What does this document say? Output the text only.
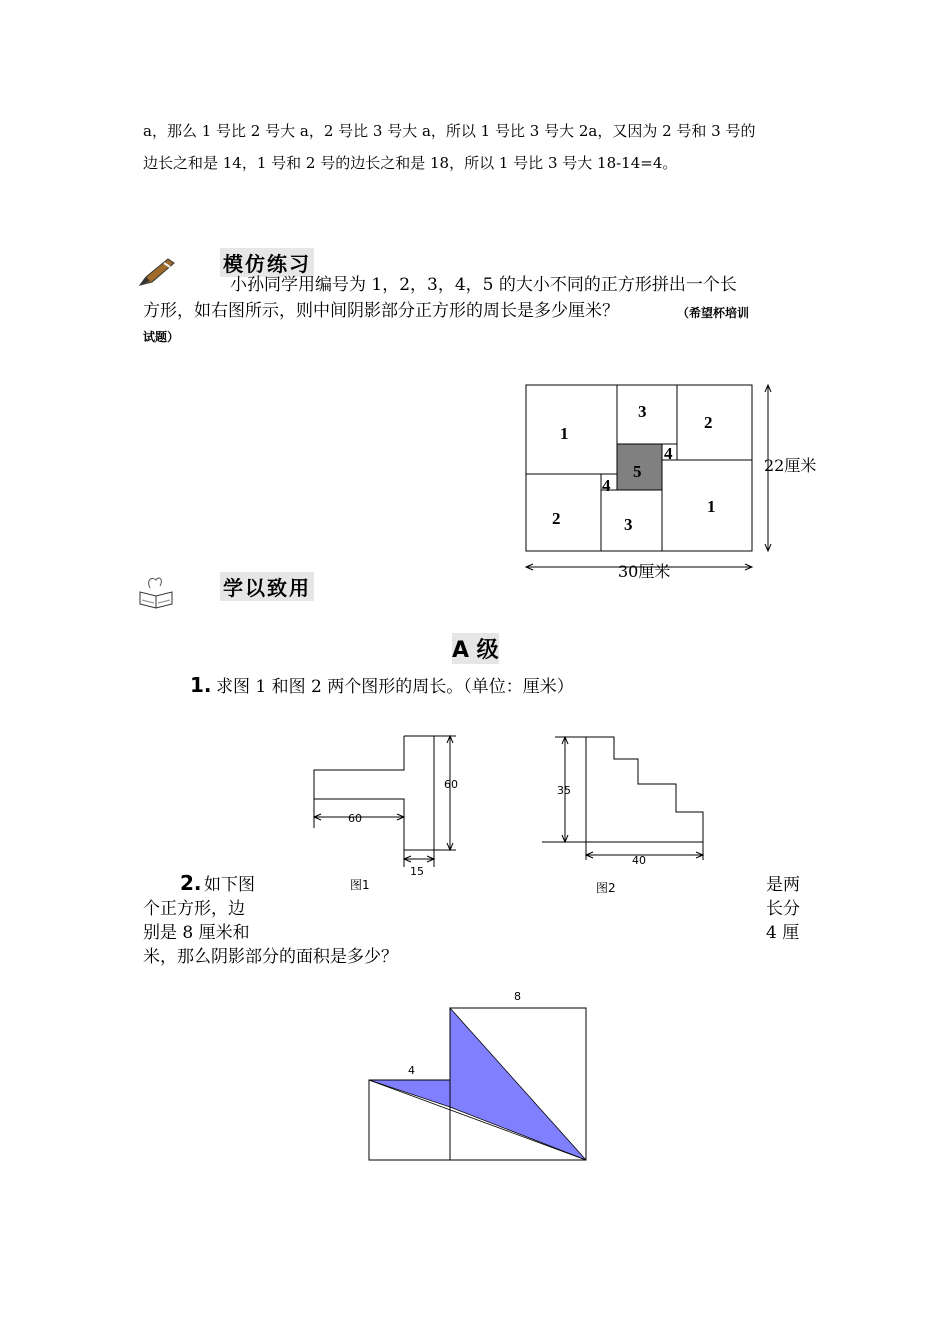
a，那么 1 号比 2 号大 a，2 号比 3 号大 a，所以 1 号比 3 号大 2a，又因为 2 号和 3 号的
边长之和是 14，1 号和 2 号的边长之和是 18，所以 1 号比 3 号大 18-14=4。
模仿练习
小孙同学用编号为 1，2，3，4，5 的大小不同的正方形拼出一个长
方形，如右图所示，则中间阴影部分正方形的周长是多少厘米？	（希望杯培训
试题）
1
3
2
4
5
4
2	3
1
22厘米
30厘米
学以致用
A 级
1. 求图 1 和图 2 两个图形的周长。（单位：厘米）
60
60
15
图1
35
40
图2
2. 如下图	是两
个正方形，边	长分
别是 8 厘米和	4 厘
米，那么阴影部分的面积是多少？
8
4
